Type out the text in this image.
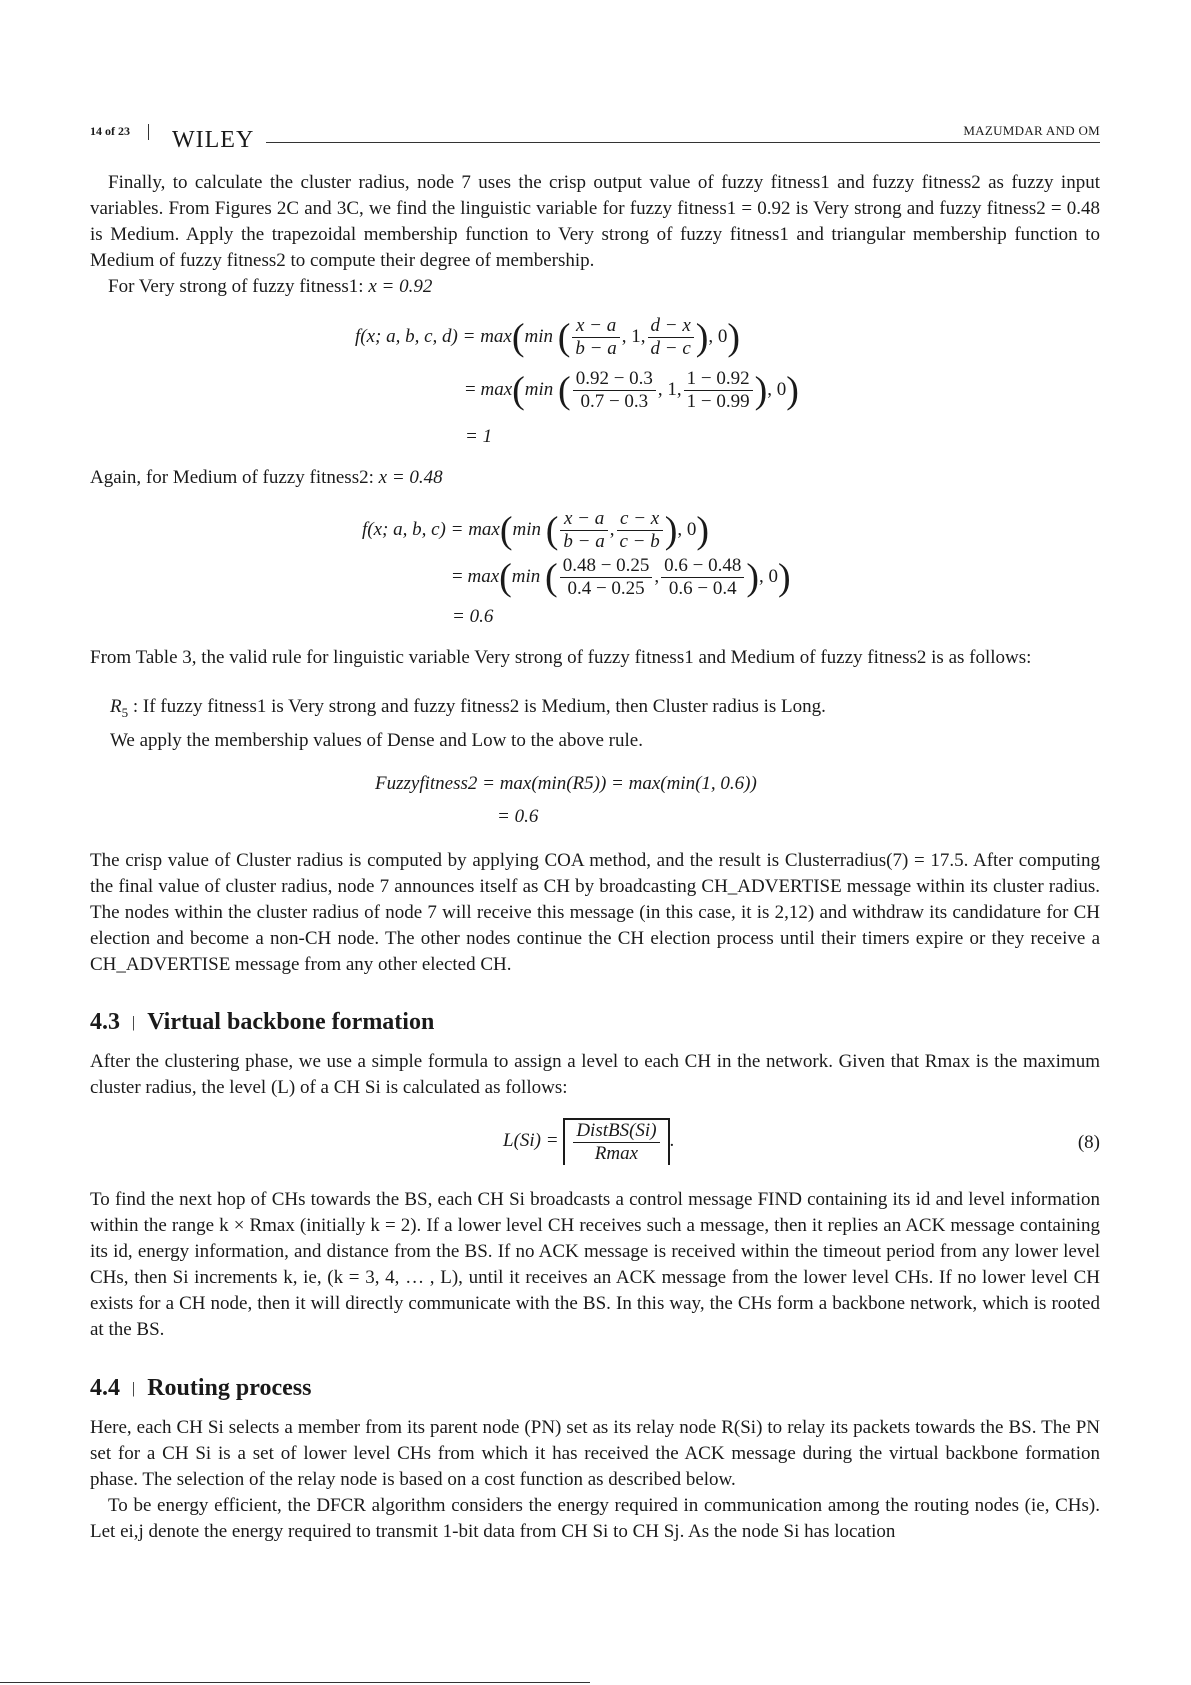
14 of 23 WILEY	MAZUMDAR AND OM

Finally, to calculate the cluster radius, node 7 uses the crisp output value of fuzzy fitness1 and fuzzy fitness2 as fuzzy input variables. From Figures 2C and 3C, we find the linguistic variable for fuzzy fitness1 = 0.92 is Very strong and fuzzy fitness2 = 0.48 is Medium. Apply the trapezoidal membership function to Very strong of fuzzy fitness1 and triangular membership function to Medium of fuzzy fitness2 to compute their degree of membership.

For Very strong of fuzzy fitness1: x = 0.92

f(x; a, b, c, d) = max(min ( $\frac{x - a}{b - a}$ , 1, $\frac{d - x}{d - c}$ ), 0)
= max(min ( $\frac{0.92 - 0.3}{0.7 - 0.3}$ , 1, $\frac{1 - 0.92}{1 - 0.99}$ ), 0)
= 1

Again, for Medium of fuzzy fitness2: x = 0.48

f(x; a, b, c) = max(min ( $\frac{x - a}{b - a}$ , $\frac{c - x}{c - b}$ ), 0)
= max(min ( $\frac{0.48 - 0.25}{0.4 - 0.25}$ , $\frac{0.6 - 0.48}{0.6 - 0.4}$ ), 0)
= 0.6

From Table 3, the valid rule for linguistic variable Very strong of fuzzy fitness1 and Medium of fuzzy fitness2 is as follows:

$R_5$ : If fuzzy fitness1 is Very strong and fuzzy fitness2 is Medium, then Cluster radius is Long.
We apply the membership values of Dense and Low to the above rule.
Fuzzyfitness2 = max(min(R5)) = max(min(1, 0.6))
= 0.6

The crisp value of Cluster radius is computed by applying COA method, and the result is Clusterradius(7) = 17.5. After computing the final value of cluster radius, node 7 announces itself as CH by broadcasting CH_ADVERTISE message within its cluster radius. The nodes within the cluster radius of node 7 will receive this message (in this case, it is 2,12) and withdraw its candidature for CH election and become a non-CH node. The other nodes continue the CH election process until their timers expire or they receive a CH_ADVERTISE message from any other elected CH.

4.3 | Virtual backbone formation

After the clustering phase, we use a simple formula to assign a level to each CH in the network. Given that Rmax is the maximum cluster radius, the level (L) of a CH Si is calculated as follows:

$L(Si) = \frac{\text{DistBS(Si)}}{Rmax}$ .	(8)

To find the next hop of CHs towards the BS, each CH Si broadcasts a control message FIND containing its id and level information within the range k × Rmax (initially k = 2). If a lower level CH receives such a message, then it replies an ACK message containing its id, energy information, and distance from the BS. If no ACK message is received within the timeout period from any lower level CHs, then Si increments k, ie, (k = 3, 4, … , L), until it receives an ACK message from the lower level CHs. If no lower level CH exists for a CH node, then it will directly communicate with the BS. In this way, the CHs form a backbone network, which is rooted at the BS.

4.4 | Routing process

Here, each CH Si selects a member from its parent node (PN) set as its relay node R(Si) to relay its packets towards the BS. The PN set for a CH Si is a set of lower level CHs from which it has received the ACK message during the virtual backbone formation phase. The selection of the relay node is based on a cost function as described below.

To be energy efficient, the DFCR algorithm considers the energy required in communication among the routing nodes (ie, CHs). Let ei,j denote the energy required to transmit 1-bit data from CH Si to CH Sj. As the node Si has location
